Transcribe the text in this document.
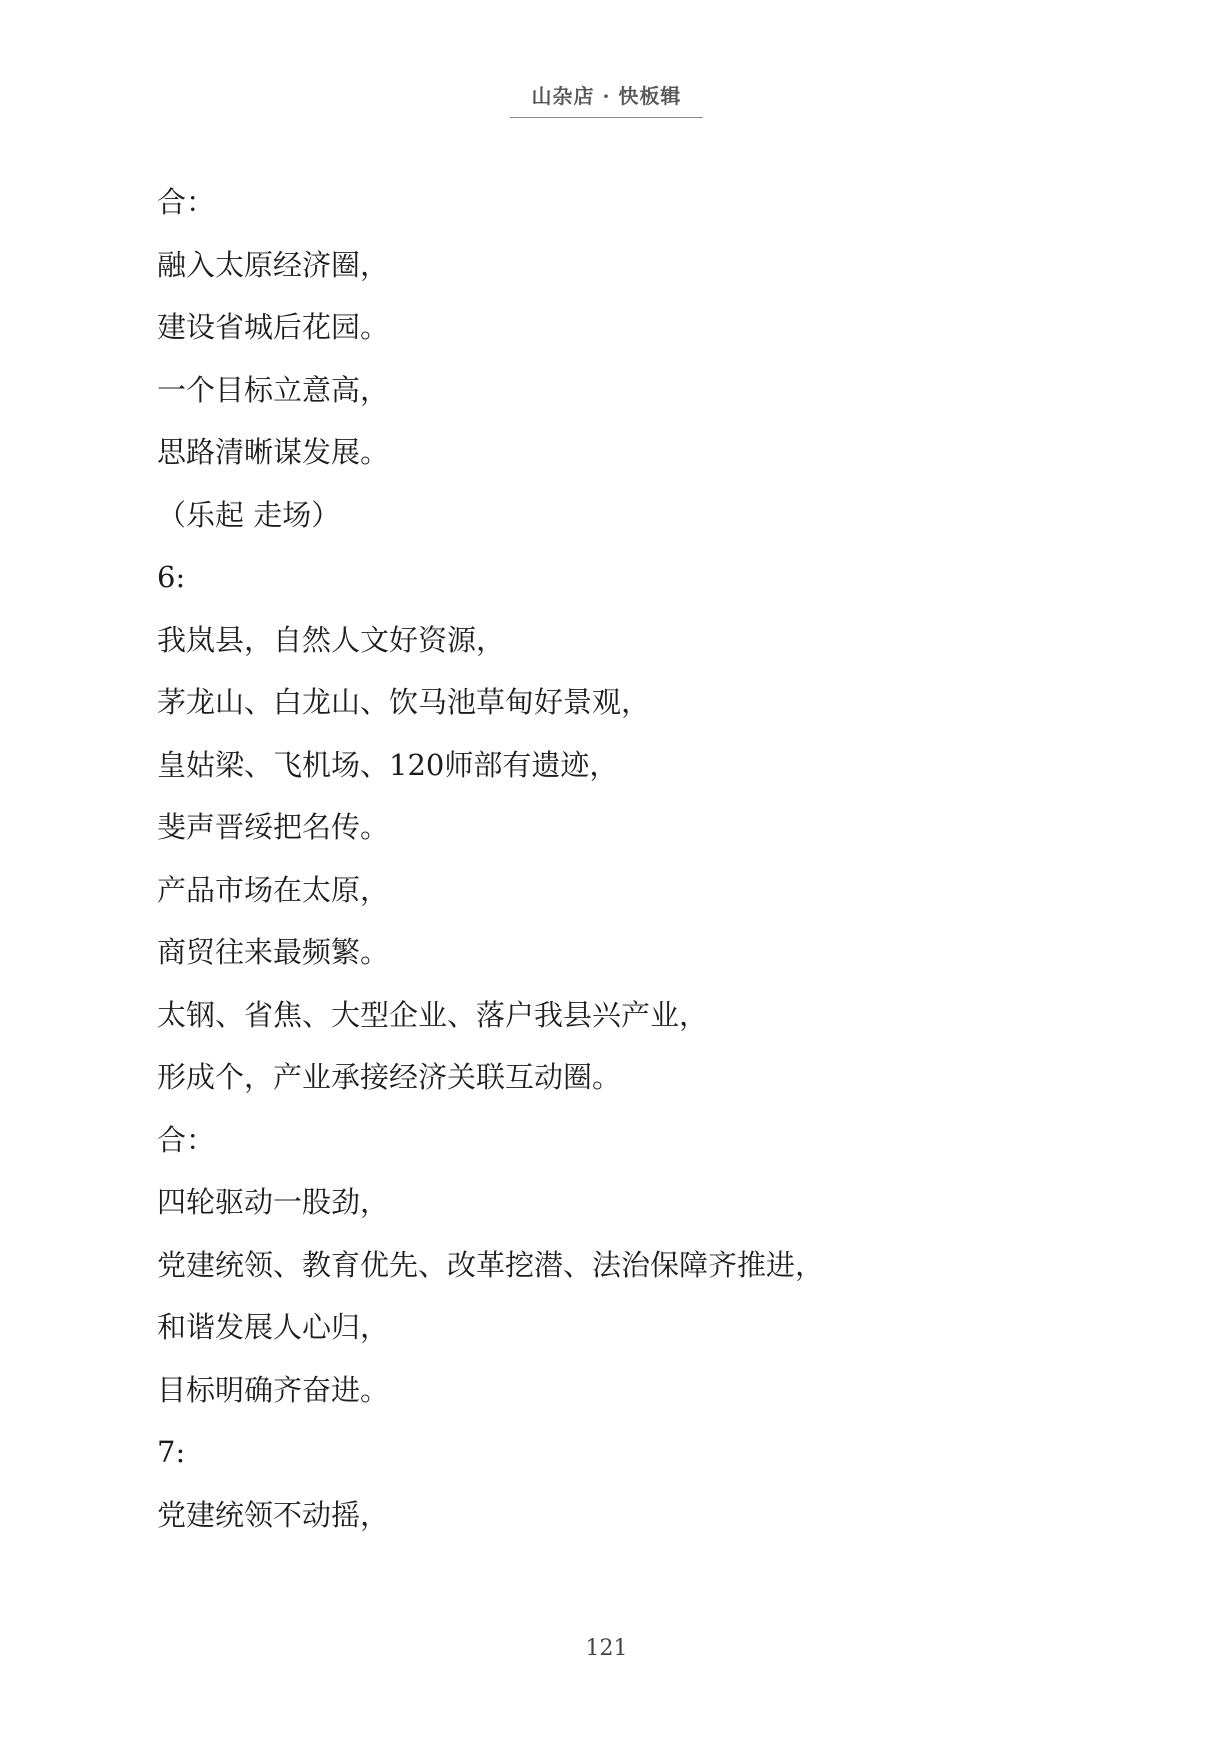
山杂店 · 快板辑
合：
融入太原经济圈，
建设省城后花园。
一个目标立意高，
思路清晰谋发展。
（乐起 走场）
6:
我岚县，自然人文好资源，
茅龙山、白龙山、饮马池草甸好景观，
皇姑梁、飞机场、120师部有遗迹，
斐声晋绥把名传。
产品市场在太原，
商贸往来最频繁。
太钢、省焦、大型企业、落户我县兴产业，
形成个，产业承接经济关联互动圈。
合：
四轮驱动一股劲，
党建统领、教育优先、改革挖潜、法治保障齐推进，
和谐发展人心归，
目标明确齐奋进。
7:
党建统领不动摇，
121
